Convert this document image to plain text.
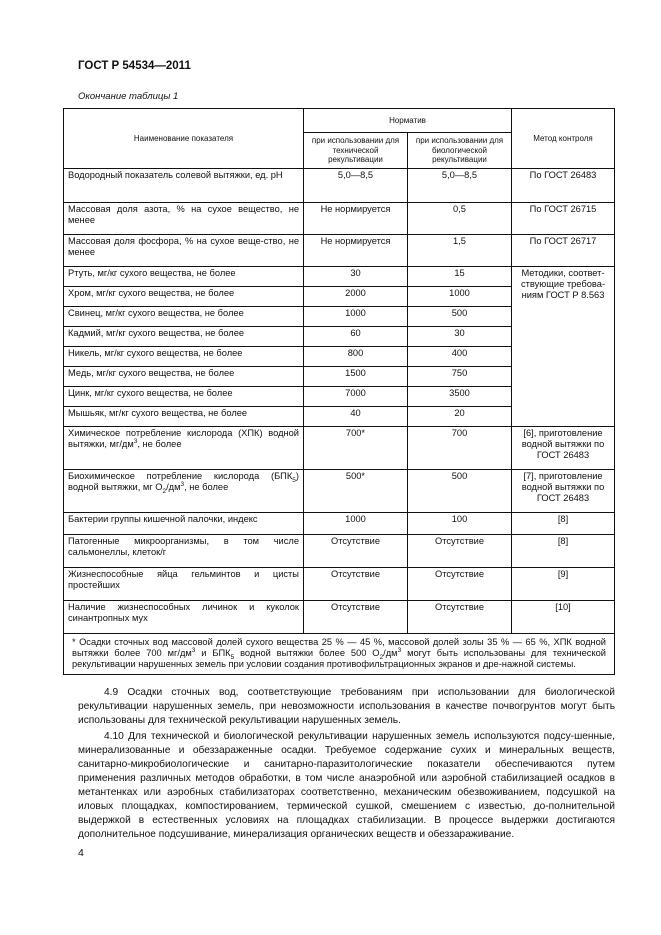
ГОСТ Р 54534—2011
Окончание таблицы 1
Наименование показателя	Норматив		Метод контроля
	при использовании для технической рекультивации	при использовании для биологической рекультивации	
Водородный показатель солевой вытяжки, ед. pH	5,0—8,5	5,0—8,5	По ГОСТ 26483
Массовая доля азота, % на сухое вещество, не менее	Не нормируется	0,5	По ГОСТ 26715
Массовая доля фосфора, % на сухое веще-ство, не менее	Не нормируется	1,5	По ГОСТ 26717
Ртуть, мг/кг сухого вещества, не более	30	15	Методики, соответ-ствующие требова-ниям ГОСТ Р 8.563
Хром, мг/кг сухого вещества, не более	2000	1000	
Свинец, мг/кг сухого вещества, не более	1000	500	
Кадмий, мг/кг сухого вещества, не более	60	30	
Никель, мг/кг сухого вещества, не более	800	400	
Медь, мг/кг сухого вещества, не более	1500	750	
Цинк, мг/кг сухого вещества, не более	7000	3500	
Мышьяк, мг/кг сухого вещества, не более	40	20	
Химическое потребление кислорода (ХПК) водной вытяжки, $мг/дм^3$, не более	700*	700	[6], приготовление водной вытяжки по ГОСТ 26483
Биохимическое потребление кислорода $(БПК_5)$ водной вытяжки, мг $О_2/дм^3$, не более	500*	500	[7], приготовление водной вытяжки по ГОСТ 26483
Бактерии группы кишечной палочки, индекс	1000	100	[8]
Патогенные микроорганизмы, в том числе сальмонеллы, клеток/г	Отсутствие	Отсутствие	[8]
Жизнеспособные яйца гельминтов и цисты простейших	Отсутствие	Отсутствие	[9]
Наличие жизнеспособных личинок и куколок синантропных мух	Отсутствие	Отсутствие	[10]
* Осадки сточных вод массовой долей сухого вещества 25 % — 45 %, массовой долей золы 35 % — 65 %, ХПК водной вытяжки более 700 $мг/дм^3$ и $БПК_5$ водной вытяжки более 500 $О_2/дм^3$ могут быть использованы для технической рекультивации нарушенных земель при условии создания противофильтрационных экранов и дре-нажной системы.			

4.9 Осадки сточных вод, соответствующие требованиям при использовании для биологической рекультивации нарушенных земель, при невозможности использования в качестве почвогрунтов могут быть использованы для технической рекультивации нарушенных земель.

4.10 Для технической и биологической рекультивации нарушенных земель используются подсу-шенные, минерализованные и обеззараженные осадки. Требуемое содержание сухих и минеральных веществ, санитарно-микробиологические и санитарно-паразитологические показатели обеспечиваются путем применения различных методов обработки, в том числе анаэробной или аэробной стабилизацией осадков в метантенках или аэробных стабилизаторах соответственно, механическим обезвоживанием, подсушкой на иловых площадках, компостированием, термической сушкой, смешением с известью, до-полнительной выдержкой в естественных условиях на площадках стабилизации. В процессе выдержки достигаются дополнительное подсушивание, минерализация органических веществ и обеззараживание.

4
